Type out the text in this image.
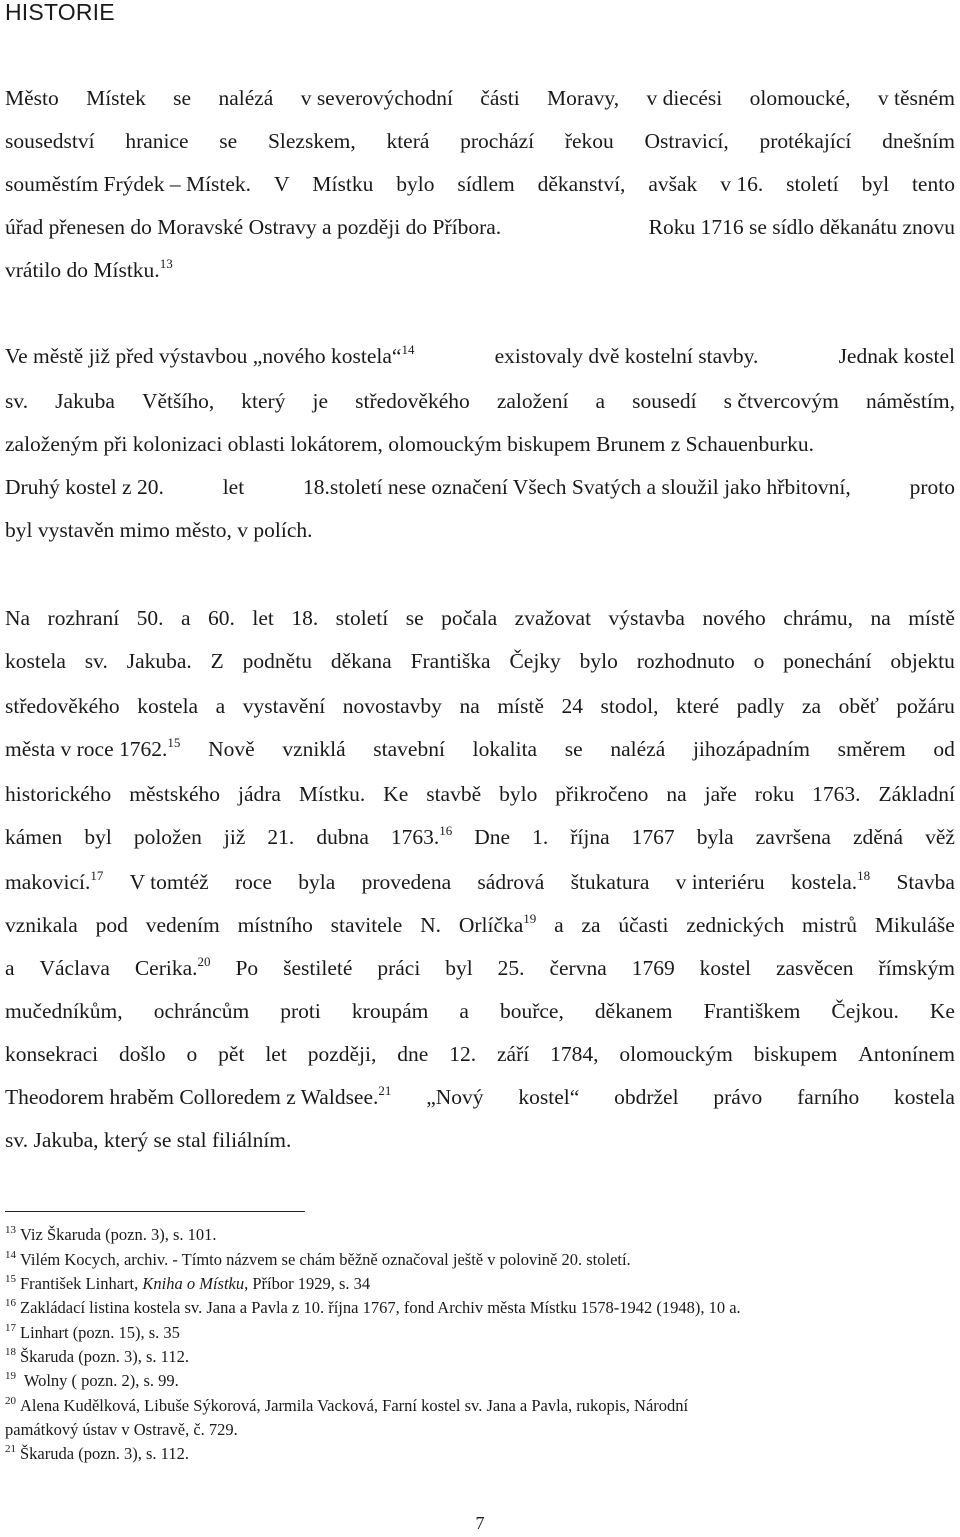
HISTORIE
Město Místek se nalézá v severovýchodní části Moravy, v diecési olomoucké, v těsném
sousedství hranice se Slezskem, která prochází řekou Ostravicí, protékající dnešním
souměstím Frýdek – Místek. V Místku bylo sídlem děkanství, avšak v 16. století byl tento
úřad přenesen do Moravské Ostravy a později do Příbora.	Roku 1716 se sídlo děkanátu znovu
vrátilo do Místku.$^{13}$
Ve městě již před výstavbou „nového kostela“$^{14}$	existovaly dvě kostelní stavby.	Jednak kostel
sv. Jakuba Většího, který je středověkého založení a sousedí s čtvercovým náměstím,
založeným při kolonizaci oblasti lokátorem, olomouckým biskupem Brunem z Schauenburku.
Druhý kostel z 20.	let	18.století nese označení Všech Svatých a sloužil jako hřbitovní,	proto
byl vystavěn mimo město, v polích.
Na rozhraní 50. a 60. let 18. století se počala zvažovat výstavba nového chrámu, na místě
kostela sv. Jakuba. Z podnětu děkana Františka Čejky bylo rozhodnuto o ponechání objektu
středověkého kostela a vystavění novostavby na místě 24 stodol, které padly za oběť požáru
města v roce 1762.15 Nově vzniklá stavební lokalita se nalézá jihozápadním směrem od
historického městského jádra Místku. Ke stavbě bylo přikročeno na jaře roku 1763. Základní
kámen byl položen již 21. dubna 1763.16 Dne 1. října 1767 byla završena zděná věž
makovicí.$^{17}$ V tomtéž roce byla provedena sádrová štukatura v interiéru kostela.$^{18}$ Stavba
vznikala pod vedením místního stavitele N. Orlíčka$^{19}$ a za účasti zednických mistrů Mikuláše
a Václava Cerika.$^{20}$ Po šestileté práci byl 25. června 1769 kostel zasvěcen římským
mučedníkům, ochráncům proti kroupám a bouřce, děkanem Františkem Čejkou. Ke
konsekraci došlo o pět let později, dne 12. září 1784, olomouckým biskupem Antonínem
Theodorem hraběm Colloredem z Waldsee.$^{21}$ „Nový kostel“ obdržel právo farního kostela
sv. Jakuba, který se stal filiálním.
$^{13}$ Viz Škaruda (pozn. 3), s. 101.
$^{14}$ Vilém Kocych, archiv. - Tímto názvem se chám běžně označoval ještě v polovině 20. století.
$^{15}$ František Linhart, Kniha o Místku, Příbor 1929, s. 34
$^{16}$ Zakládací listina kostela sv. Jana a Pavla z 10. října 1767, fond Archiv města Místku 1578-1942 (1948), 10 a.
$^{17}$ Linhart (pozn. 15), s. 35
$^{18}$ Škaruda (pozn. 3), s. 112.
$^{19}$ Wolny ( pozn. 2), s. 99.
$^{20}$ Alena Kudělková, Libuše Sýkorová, Jarmila Vacková, Farní kostel sv. Jana a Pavla, rukopis, Národní
památkový ústav v Ostravě, č. 729.
$^{21}$ Škaruda (pozn. 3), s. 112.
7
